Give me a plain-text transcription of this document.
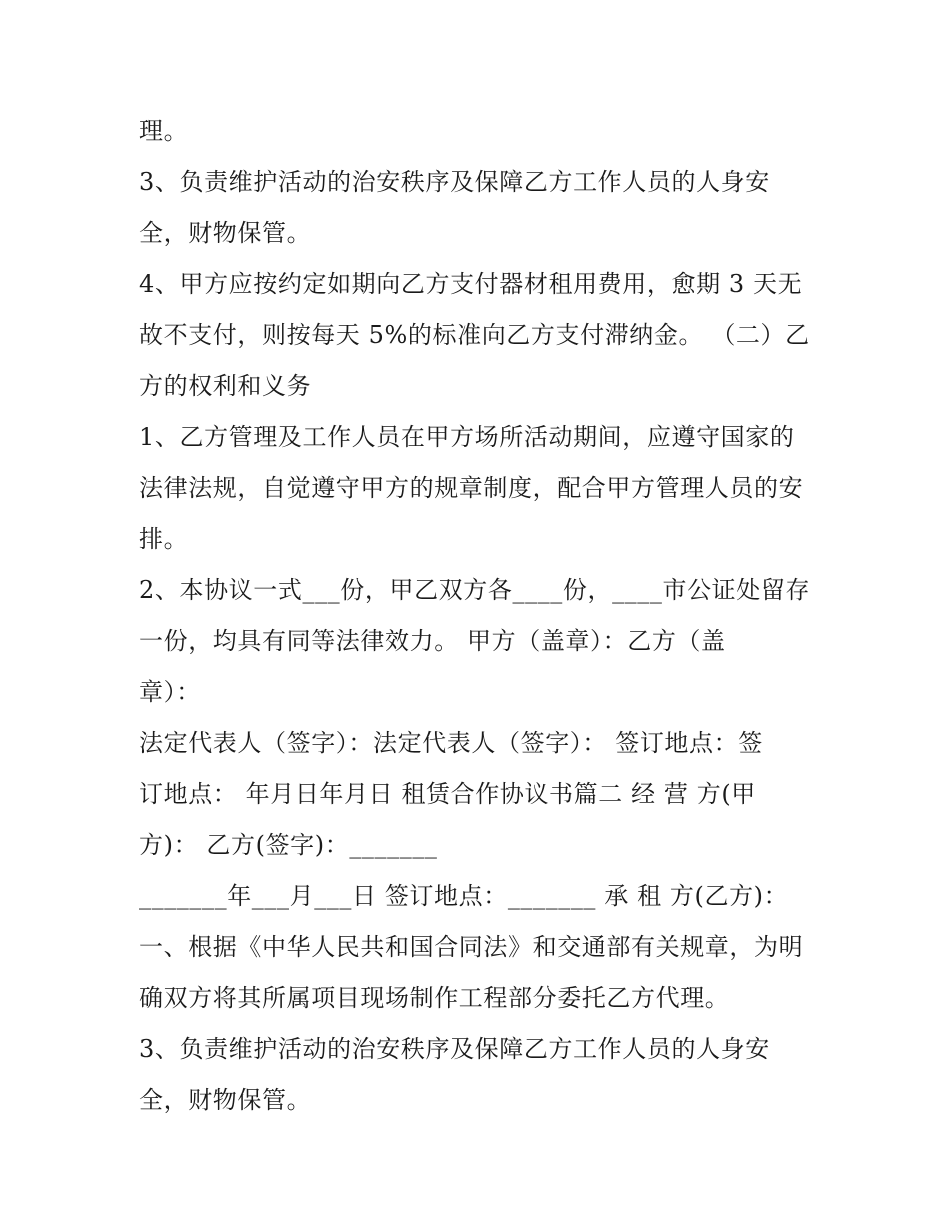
理。
3、负责维护活动的治安秩序及保障乙方工作人员的人身安
全，财物保管。
4、甲方应按约定如期向乙方支付器材租用费用，愈期 3 天无
故不支付，则按每天 5%的标准向乙方支付滞纳金。 （二）乙
方的权利和义务
1、乙方管理及工作人员在甲方场所活动期间，应遵守国家的
法律法规，自觉遵守甲方的规章制度，配合甲方管理人员的安
排。
2、本协议一式___份，甲乙双方各____份，____市公证处留存
一份，均具有同等法律效力。 甲方（盖章）：乙方（盖
章）：
法定代表人（签字）：法定代表人（签字）： 签订地点：签
订地点： 年月日年月日 租赁合作协议书篇二 经 营 方(甲
方)： 乙方(签字)：_______
_______年___月___日 签订地点：_______ 承 租 方(乙方)：
一、根据《中华人民共和国合同法》和交通部有关规章，为明
确双方将其所属项目现场制作工程部分委托乙方代理。
3、负责维护活动的治安秩序及保障乙方工作人员的人身安
全，财物保管。
